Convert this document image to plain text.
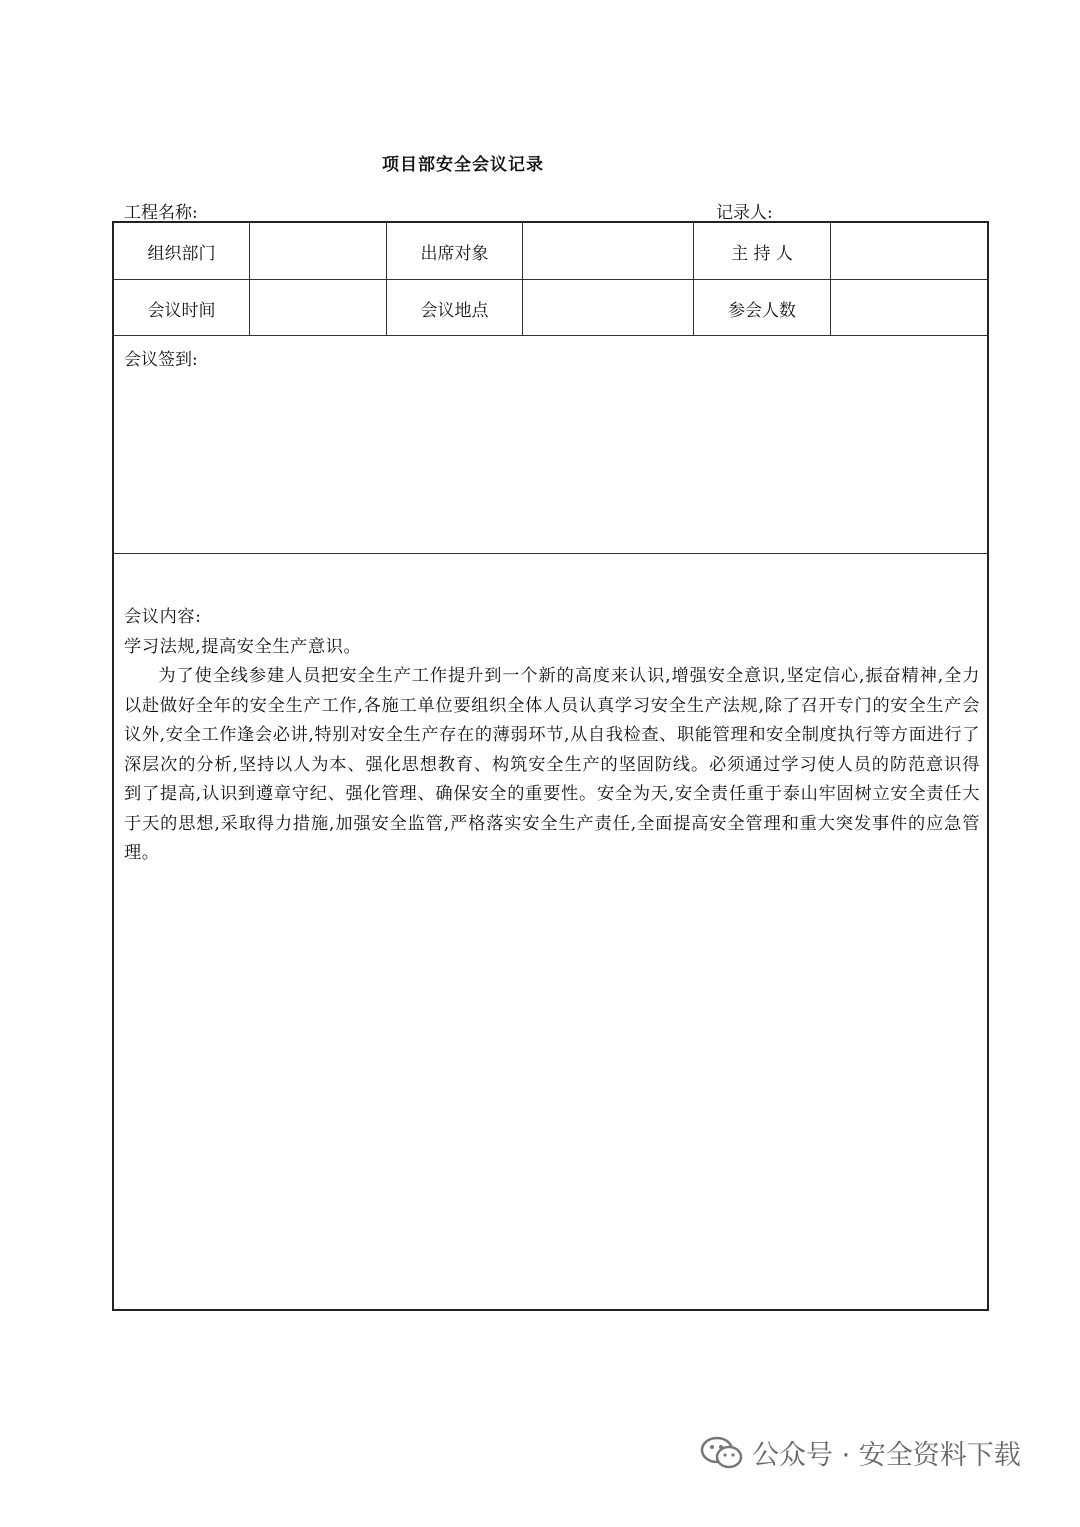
项目部安全会议记录
工程名称:	记录人:
组织部门	出席对象	主 持 人
会议时间	会议地点	参会人数
会议签到:

会议内容:

学习法规,提高安全生产意识。

为了使全线参建人员把安全生产工作提升到一个新的高度来认识,增强安全意识,坚定信心,振奋精神,全力以赴做好全年的安全生产工作,各施工单位要组织全体人员认真学习安全生产法规,除了召开专门的安全生产会议外,安全工作逢会必讲,特别对安全生产存在的薄弱环节,从自我检查、职能管理和安全制度执行等方面进行了深层次的分析,坚持以人为本、强化思想教育、构筑安全生产的坚固防线。必须通过学习使人员的防范意识得到了提高,认识到遵章守纪、强化管理、确保安全的重要性。安全为天,安全责任重于泰山牢固树立安全责任大于天的思想,采取得力措施,加强安全监管,严格落实安全生产责任,全面提高安全管理和重大突发事件的应急管理。

公众号 · 安全资料下载
